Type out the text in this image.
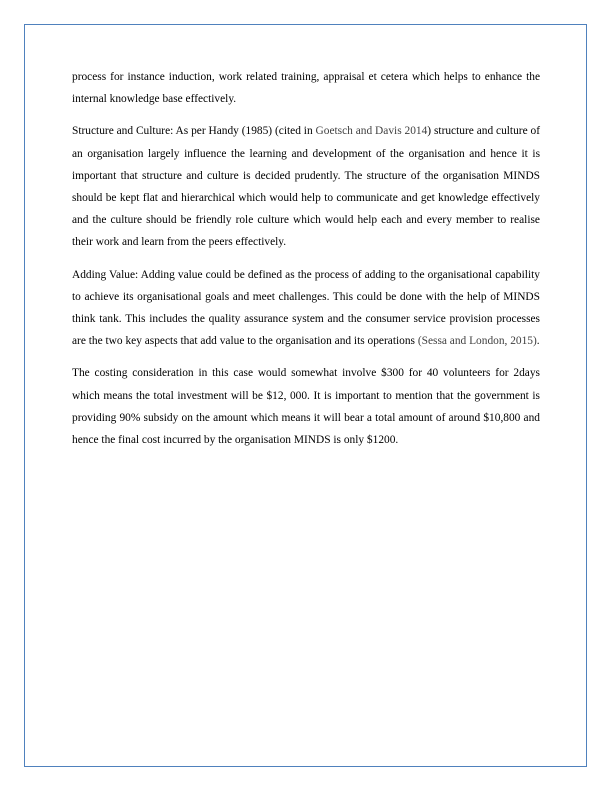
process for instance induction, work related training, appraisal et cetera which helps to enhance the internal knowledge base effectively.

Structure and Culture: As per Handy (1985) (cited in Goetsch and Davis 2014) structure and culture of an organisation largely influence the learning and development of the organisation and hence it is important that structure and culture is decided prudently. The structure of the organisation MINDS should be kept flat and hierarchical which would help to communicate and get knowledge effectively and the culture should be friendly role culture which would help each and every member to realise their work and learn from the peers effectively.

Adding Value: Adding value could be defined as the process of adding to the organisational capability to achieve its organisational goals and meet challenges. This could be done with the help of MINDS think tank. This includes the quality assurance system and the consumer service provision processes are the two key aspects that add value to the organisation and its operations (Sessa and London, 2015).

The costing consideration in this case would somewhat involve $300 for 40 volunteers for 2days which means the total investment will be $12, 000. It is important to mention that the government is providing 90% subsidy on the amount which means it will bear a total amount of around $10,800 and hence the final cost incurred by the organisation MINDS is only $1200.
